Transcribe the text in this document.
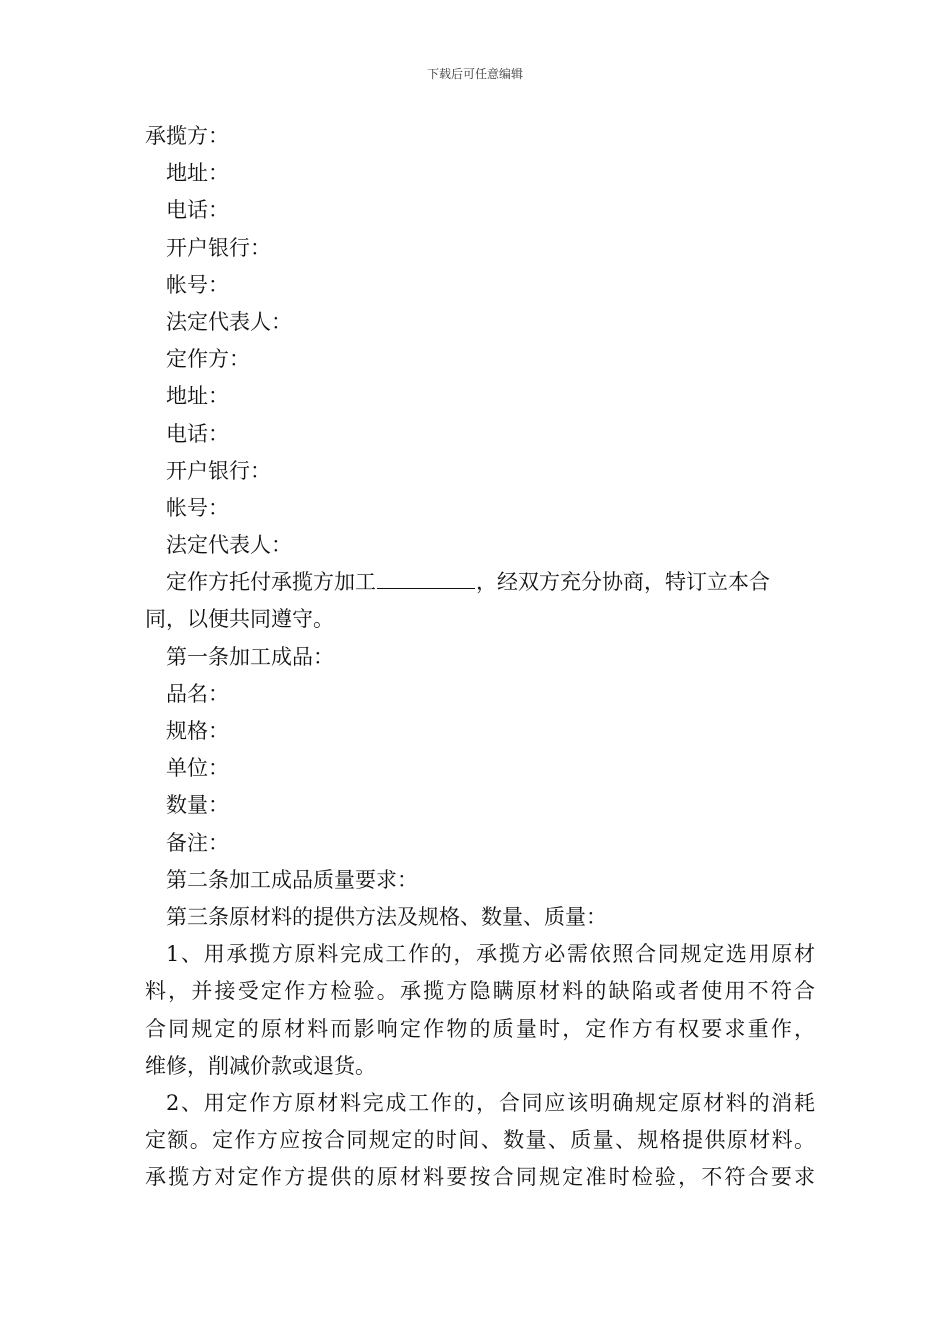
下载后可任意编辑

承揽方：

地址：

电话：

开户银行：

帐号：

法定代表人：

定作方：

地址：

电话：

开户银行：

帐号：

法定代表人：

定作方托付承揽方加工	，经双方充分协商，特订立本合

同，以便共同遵守。

第一条加工成品：

品名：

规格：

单位：

数量：

备注：

第二条加工成品质量要求：

第三条原材料的提供方法及规格、数量、质量：

1、用承揽方原料完成工作的，承揽方必需依照合同规定选用原材

料，并接受定作方检验。承揽方隐瞒原材料的缺陷或者使用不符合

合同规定的原材料而影响定作物的质量时，定作方有权要求重作，

维修，削减价款或退货。

2、用定作方原材料完成工作的，合同应该明确规定原材料的消耗

定额。定作方应按合同规定的时间、数量、质量、规格提供原材料。

承揽方对定作方提供的原材料要按合同规定准时检验，不符合要求
